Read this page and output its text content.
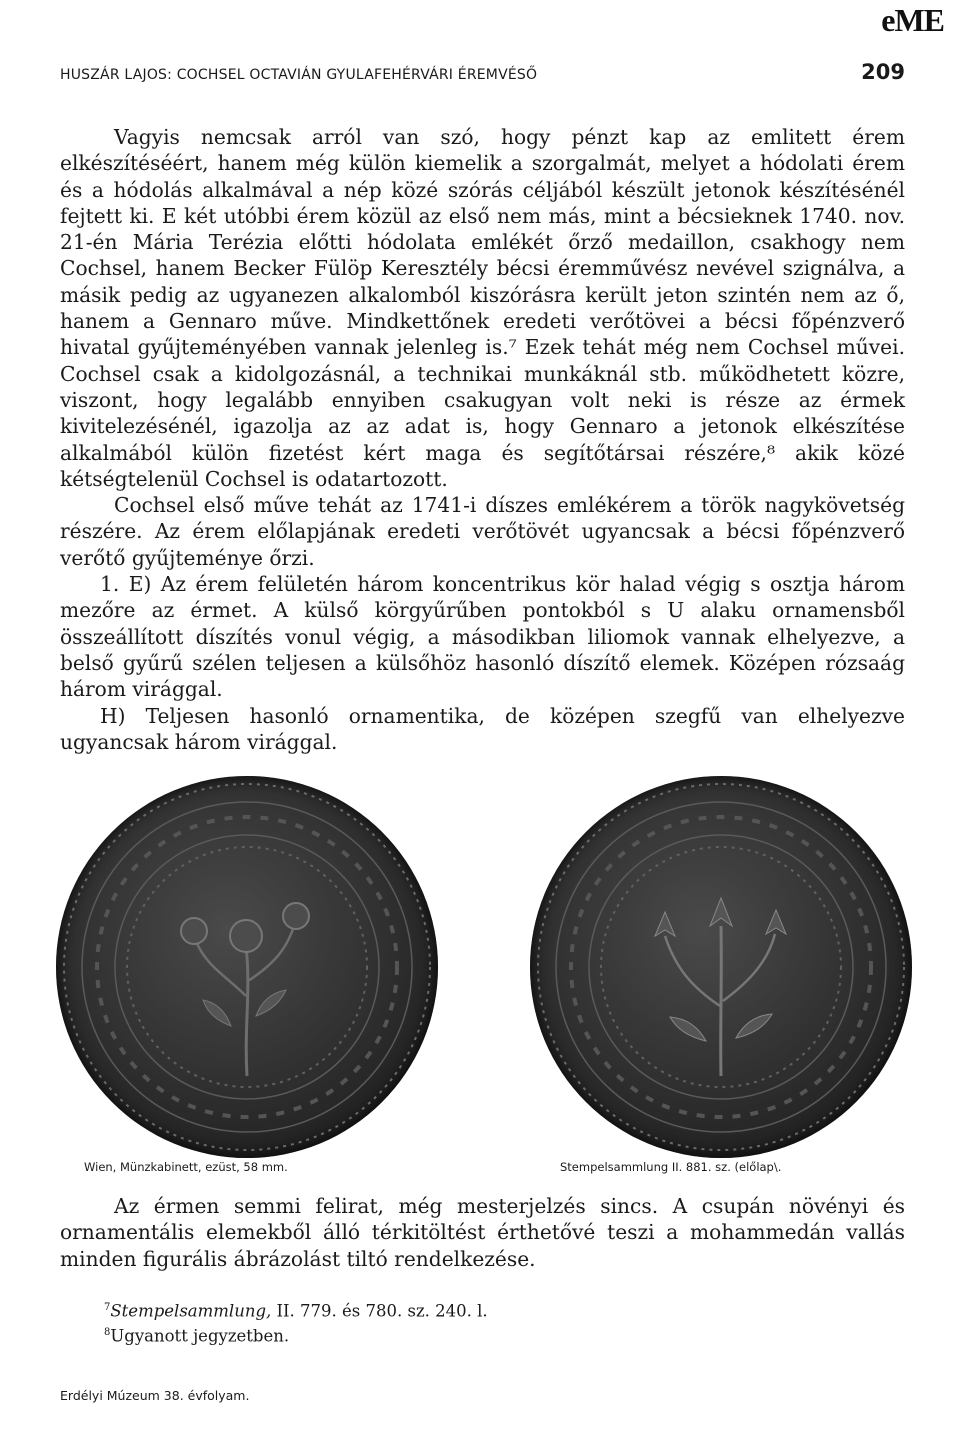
eME
HUSZÁR LAJOS: COCHSEL OCTAVIÁN GYULAFEHÉRVÁRI ÉREMVÉSŐ	209

Vagyis nemcsak arról van szó, hogy pénzt kap az emlitett érem elkészítéséért, hanem még külön kiemelik a szorgalmát, melyet a hódolati érem és a hódolás alkalmával a nép közé szórás céljából készült jetonok készítésénél fejtett ki. E két utóbbi érem közül az első nem más, mint a bécsieknek 1740. nov. 21-én Mária Terézia előtti hódolata emlékét őrző medaillon, csakhogy nem Cochsel, hanem Becker Fülöp Keresztély bécsi éremművész nevével szignálva, a másik pedig az ugyanezen alkalomból kiszórásra került jeton szintén nem az ő, hanem a Gennaro műve. Mindkettőnek eredeti verőtövei a bécsi főpénzverő hivatal gyűjteményében vannak jelenleg is.⁷ Ezek tehát még nem Cochsel művei. Cochsel csak a kidolgozásnál, a technikai munkáknál stb. működhetett közre, viszont, hogy legalább ennyiben csakugyan volt neki is része az érmek kivitelezésénél, igazolja az az adat is, hogy Gennaro a jetonok elkészítése alkalmából külön fizetést kért maga és segítőtársai részére,⁸ akik közé kétségtelenül Cochsel is odatartozott.

Cochsel első műve tehát az 1741-i díszes emlékérem a török nagykövetség részére. Az érem előlapjának eredeti verőtövét ugyancsak a bécsi főpénzverő verőtő gyűjteménye őrzi.

1. E) Az érem felületén három koncentrikus kör halad végig s osztja három mezőre az érmet. A külső körgyűrűben pontokból s U alaku ornamensből összeállított díszítés vonul végig, a másodikban liliomok vannak elhelyezve, a belső gyűrű szélen teljesen a külsőhöz hasonló díszítő elemek. Középen rózsaág három virággal.

H) Teljesen hasonló ornamentika, de középen szegfű van elhelyezve ugyancsak három virággal.

Wien, Münzkabinett, ezüst, 58 mm.	Stempelsammlung II. 881. sz. (előlap\.

Az érmen semmi felirat, még mesterjelzés sincs. A csupán növényi és ornamentális elemekből álló térkitöltést érthetővé teszi a mohammedán vallás minden figurális ábrázolást tiltó rendelkezése.

$^7$Stempelsammlung, II. 779. és 780. sz. 240. l.
$^8$Ugyanott jegyzetben.
Erdélyi Múzeum 38. évfolyam.
